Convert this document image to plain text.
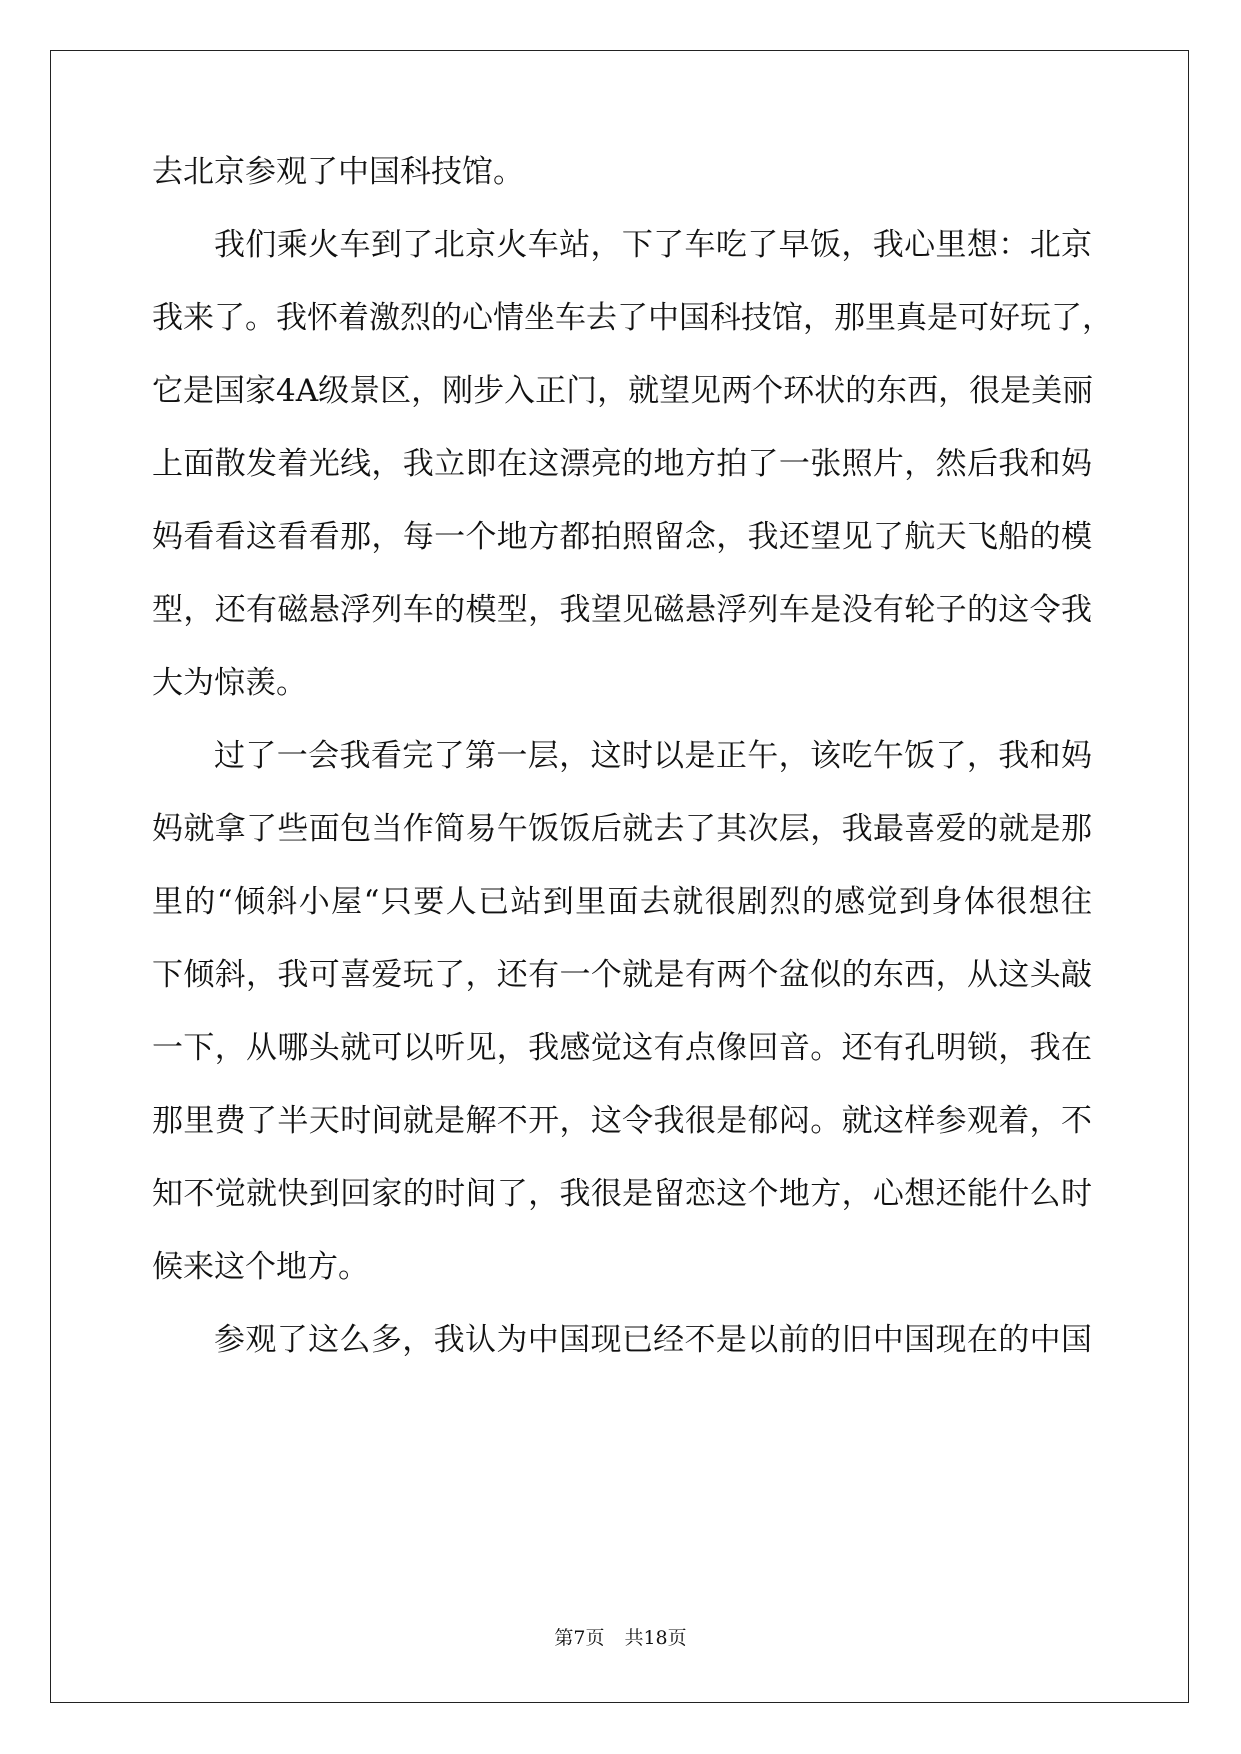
去北京参观了中国科技馆。
我们乘火车到了北京火车站，下了车吃了早饭，我心里想：北京
我来了。我怀着激烈的心情坐车去了中国科技馆，那里真是可好玩了，
它是国家4A级景区，刚步入正门，就望见两个环状的东西，很是美丽
上面散发着光线，我立即在这漂亮的地方拍了一张照片，然后我和妈
妈看看这看看那，每一个地方都拍照留念，我还望见了航天飞船的模
型，还有磁悬浮列车的模型，我望见磁悬浮列车是没有轮子的这令我
大为惊羡。
过了一会我看完了第一层，这时以是正午，该吃午饭了，我和妈
妈就拿了些面包当作简易午饭饭后就去了其次层，我最喜爱的就是那
里的“倾斜小屋“只要人已站到里面去就很剧烈的感觉到身体很想往
下倾斜，我可喜爱玩了，还有一个就是有两个盆似的东西，从这头敲
一下，从哪头就可以听见，我感觉这有点像回音。还有孔明锁，我在
那里费了半天时间就是解不开，这令我很是郁闷。就这样参观着，不
知不觉就快到回家的时间了，我很是留恋这个地方，心想还能什么时
候来这个地方。
参观了这么多，我认为中国现已经不是以前的旧中国现在的中国
第7页 共18页
